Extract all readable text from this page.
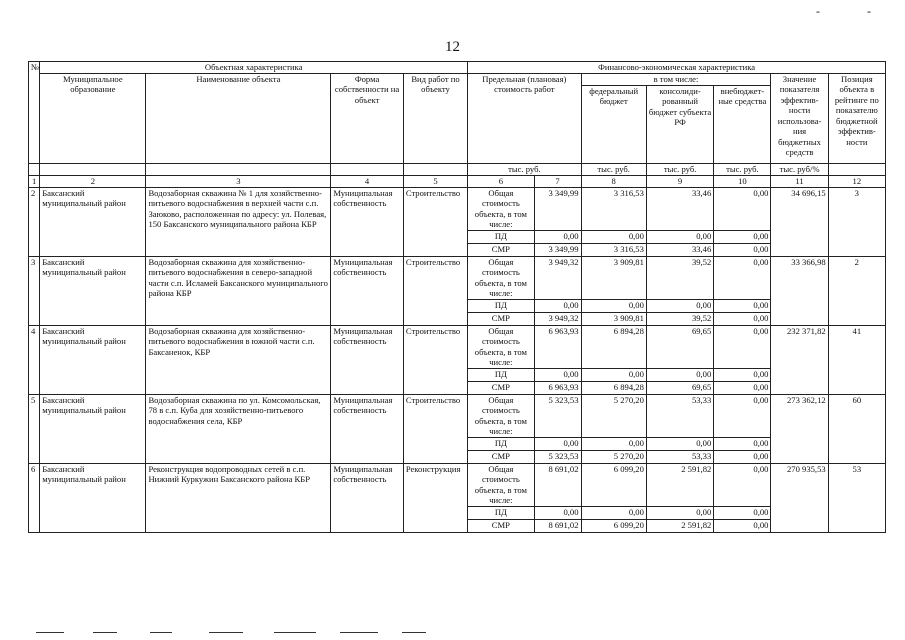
- -
12
№	Объектная характеристика				Финансово-экономическая характеристика						
	Муниципальное образование	Наименование объекта	Форма собственности на объект	Вид работ по объекту	Предельная (плановая) стоимость работ		в том числе:			Значение показателя эффектив-ности использова-ния бюджетных средств	Позиция объекта в рейтинге по показателю бюджетной эффектив-ности
							федеральный бюджет	консолиди-рованный бюджет субъекта РФ	внебюджет-ные средства		
					тыс. руб.		тыс. руб.	тыс. руб.	тыс. руб.	тыс. руб/%	
1	2	3	4	5	6	7	8	9	10	11	12
2	Баксанский муниципальный район	Водозаборная скважина № 1 для хозяйственно-питьевого водоснабжения в верхней части с.п. Заюково, расположенная по адресу: ул. Полевая, 150 Баксанского муниципального района КБР	Муниципальная собственность	Строительство	Общая стоимость объекта, в том числе:	3 349,99	3 316,53	33,46	0,00	34 696,15	3
					ПД	0,00	0,00	0,00	0,00		
					СМР	3 349,99	3 316,53	33,46	0,00		
3	Баксанский муниципальный район	Водозаборная скважина для хозяйственно-питьевого водоснабжения в северо-западной части с.п. Исламей Баксанского муниципального района КБР	Муниципальная собственность	Строительство	Общая стоимость объекта, в том числе:	3 949,32	3 909,81	39,52	0,00	33 366,98	2
					ПД	0,00	0,00	0,00	0,00		
					СМР	3 949,32	3 909,81	39,52	0,00		
4	Баксанский муниципальный район	Водозаборная скважина для хозяйственно-питьевого водоснабжения в южной части с.п. Баксаненок, КБР	Муниципальная собственность	Строительство	Общая стоимость объекта, в том числе:	6 963,93	6 894,28	69,65	0,00	232 371,82	41
					ПД	0,00	0,00	0,00	0,00		
					СМР	6 963,93	6 894,28	69,65	0,00		
5	Баксанский муниципальный район	Водозаборная скважина по ул. Комсомольская, 78 в с.п. Куба для хозяйственно-питьевого водоснабжения села, КБР	Муниципальная собственность	Строительство	Общая стоимость объекта, в том числе:	5 323,53	5 270,20	53,33	0,00	273 362,12	60
					ПД	0,00	0,00	0,00	0,00		
					СМР	5 323,53	5 270,20	53,33	0,00		
6	Баксанский муниципальный район	Реконструкция водопроводных сетей в с.п. Нижний Куркужин Баксанского района КБР	Муниципальная собственность	Реконструкция	Общая стоимость объекта, в том числе:	8 691,02	6 099,20	2 591,82	0,00	270 935,53	53
					ПД	0,00	0,00	0,00	0,00		
					СМР	8 691,02	6 099,20	2 591,82	0,00		
